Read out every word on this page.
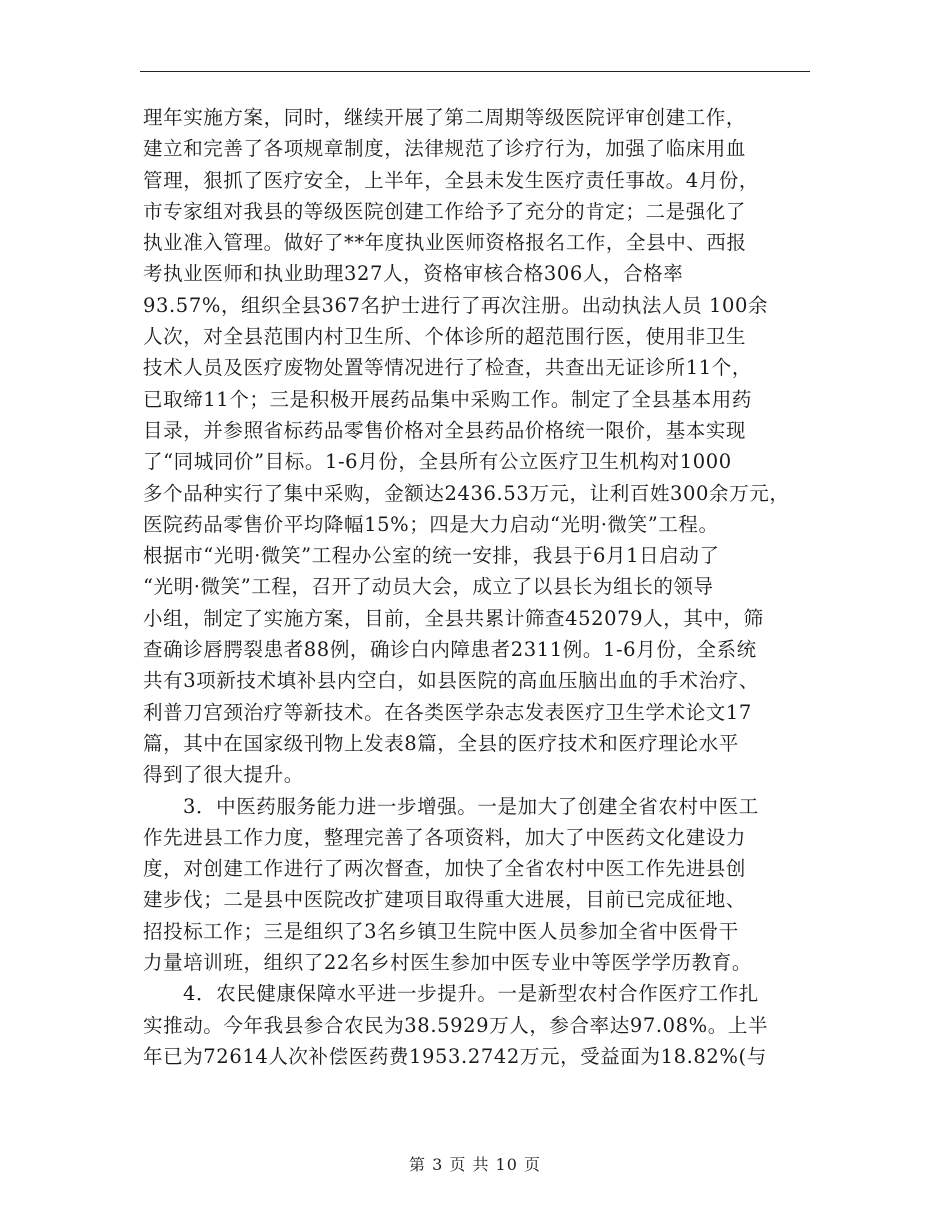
理年实施方案，同时，继续开展了第二周期等级医院评审创建工作，
建立和完善了各项规章制度，法律规范了诊疗行为，加强了临床用血
管理，狠抓了医疗安全，上半年，全县未发生医疗责任事故。4月份，
市专家组对我县的等级医院创建工作给予了充分的肯定；二是强化了
执业准入管理。做好了**年度执业医师资格报名工作，全县中、西报
考执业医师和执业助理327人，资格审核合格306人，合格率
93.57%，组织全县367名护士进行了再次注册。出动执法人员 100余
人次，对全县范围内村卫生所、个体诊所的超范围行医，使用非卫生
技术人员及医疗废物处置等情况进行了检查，共查出无证诊所11个，
已取缔11个；三是积极开展药品集中采购工作。制定了全县基本用药
目录，并参照省标药品零售价格对全县药品价格统一限价，基本实现
了“同城同价”目标。1-6月份，全县所有公立医疗卫生机构对1000
多个品种实行了集中采购，金额达2436.53万元，让利百姓300余万元，
医院药品零售价平均降幅15%；四是大力启动“光明·微笑”工程。
根据市“光明·微笑”工程办公室的统一安排，我县于6月1日启动了
“光明·微笑”工程，召开了动员大会，成立了以县长为组长的领导
小组，制定了实施方案，目前，全县共累计筛查452079人，其中，筛
查确诊唇腭裂患者88例，确诊白内障患者2311例。1-6月份，全系统
共有3项新技术填补县内空白，如县医院的高血压脑出血的手术治疗、
利普刀宫颈治疗等新技术。在各类医学杂志发表医疗卫生学术论文17
篇，其中在国家级刊物上发表8篇，全县的医疗技术和医疗理论水平
得到了很大提升。
3．中医药服务能力进一步增强。一是加大了创建全省农村中医工
作先进县工作力度，整理完善了各项资料，加大了中医药文化建设力
度，对创建工作进行了两次督查，加快了全省农村中医工作先进县创
建步伐；二是县中医院改扩建项目取得重大进展，目前已完成征地、
招投标工作；三是组织了3名乡镇卫生院中医人员参加全省中医骨干
力量培训班，组织了22名乡村医生参加中医专业中等医学学历教育。
4．农民健康保障水平进一步提升。一是新型农村合作医疗工作扎
实推动。今年我县参合农民为38.5929万人，参合率达97.08%。上半
年已为72614人次补偿医药费1953.2742万元，受益面为18.82%(与
第 3 页 共 10 页
